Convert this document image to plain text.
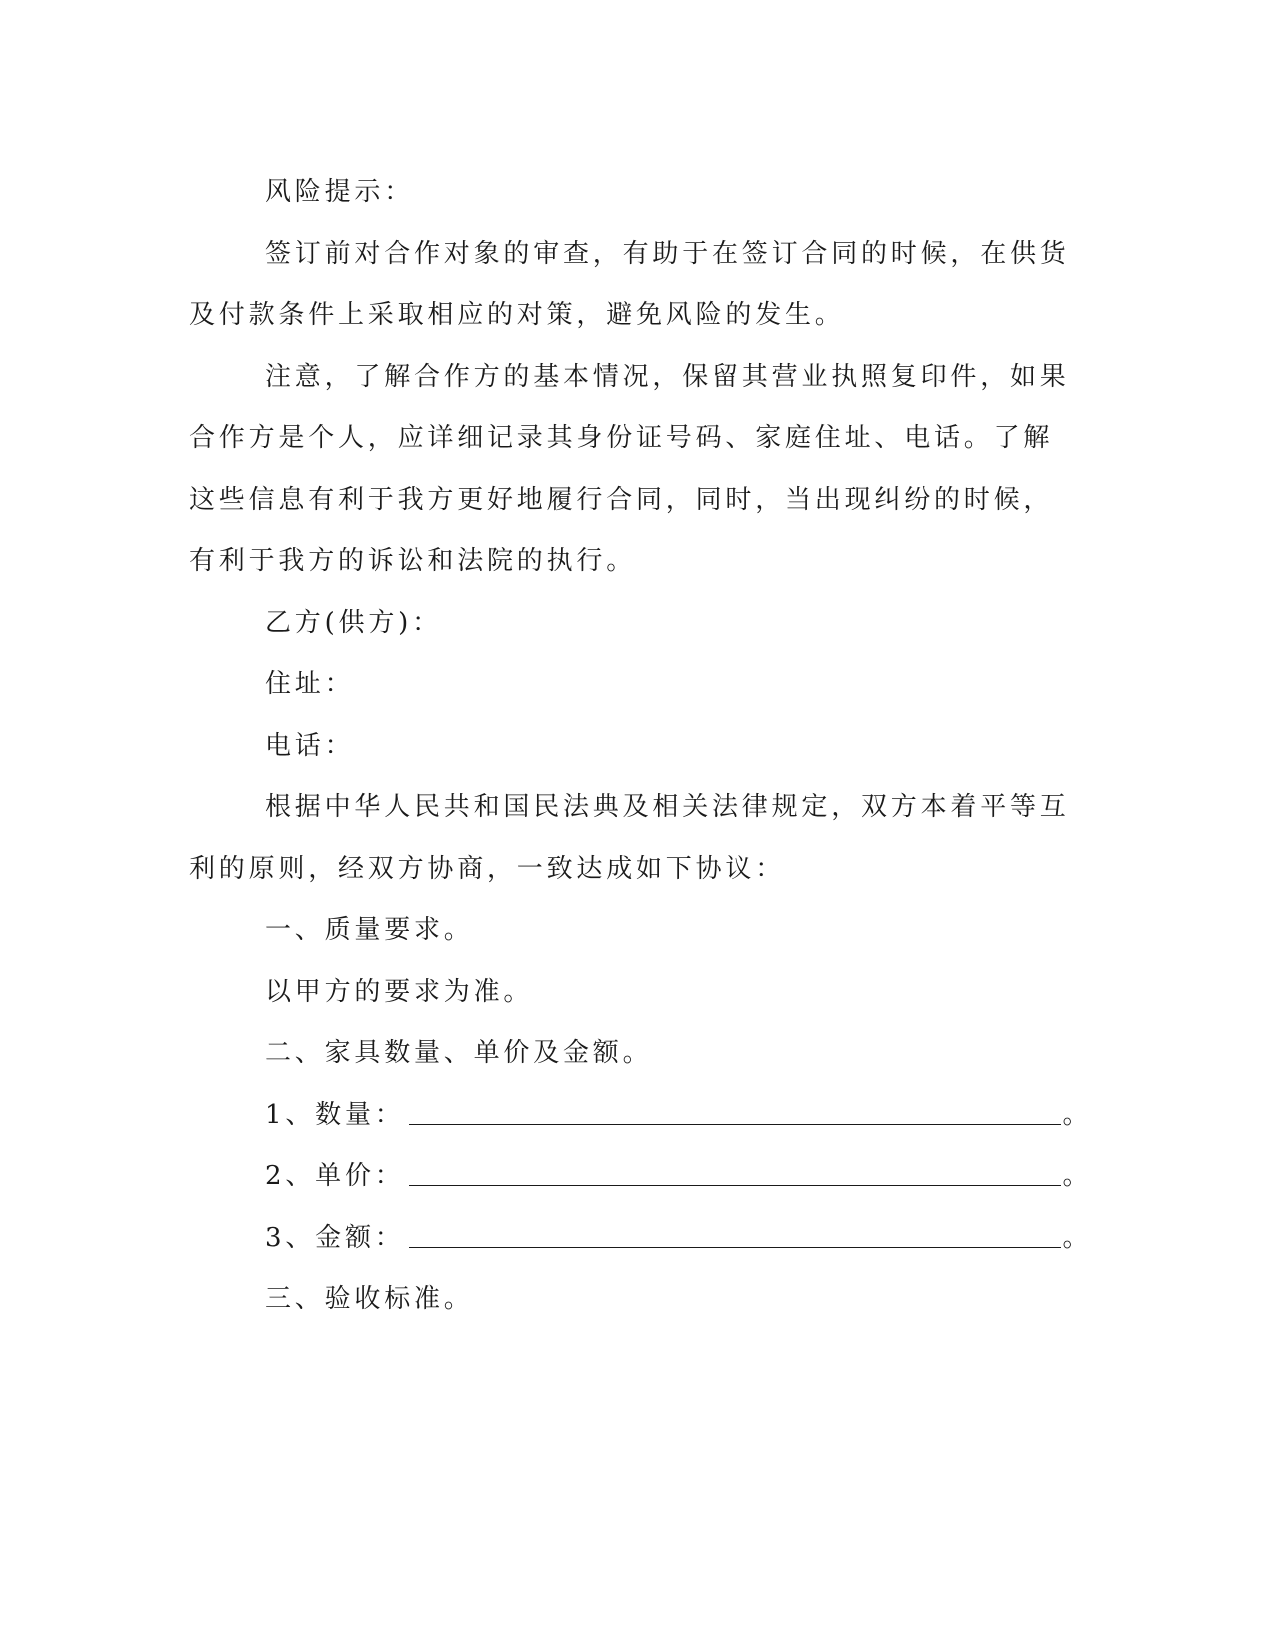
风险提示：

签订前对合作对象的审查，有助于在签订合同的时候，在供货及付款条件上采取相应的对策，避免风险的发生。

注意，了解合作方的基本情况，保留其营业执照复印件，如果合作方是个人，应详细记录其身份证号码、家庭住址、电话。了解这些信息有利于我方更好地履行合同，同时，当出现纠纷的时候，有利于我方的诉讼和法院的执行。

乙方(供方)：

住址：

电话：

根据中华人民共和国民法典及相关法律规定，双方本着平等互利的原则，经双方协商，一致达成如下协议：

一、质量要求。

以甲方的要求为准。

二、家具数量、单价及金额。

1、数量：	。

2、单价：	。

3、金额：	。

三、验收标准。
